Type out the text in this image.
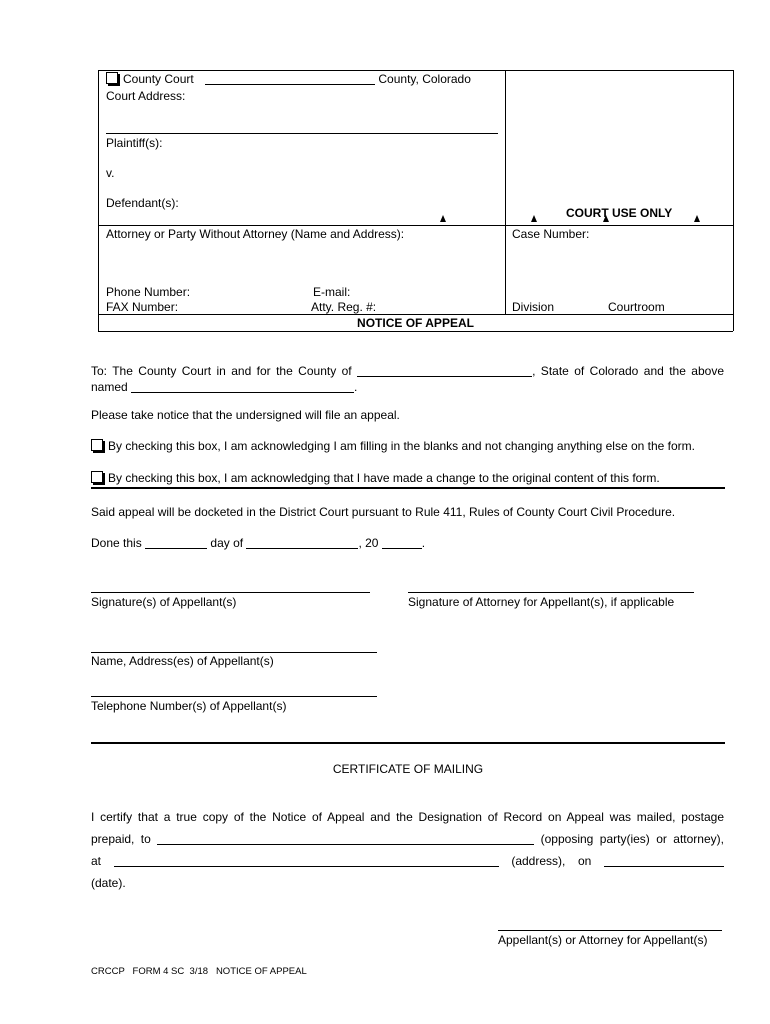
County Court	County, Colorado
Court Address:
Plaintiff(s):
v.
Defendant(s):
COURT USE ONLY
Attorney or Party Without Attorney (Name and Address):	Case Number:
Phone Number:	E-mail:
FAX Number:	Atty. Reg. #:	Division	Courtroom
NOTICE OF APPEAL
To: The County Court in and for the County of	, State of Colorado and the above
named	.
Please take notice that the undersigned will file an appeal.
By checking this box, I am acknowledging I am filling in the blanks and not changing anything else on the form.
By checking this box, I am acknowledging that I have made a change to the original content of this form.
Said appeal will be docketed in the District Court pursuant to Rule 411, Rules of County Court Civil Procedure.
Done this	day of	, 20	.
Signature(s) of Appellant(s)	Signature of Attorney for Appellant(s), if applicable
Name, Address(es) of Appellant(s)
Telephone Number(s) of Appellant(s)
CERTIFICATE OF MAILING
I certify that a true copy of the Notice of Appeal and the Designation of Record on Appeal was mailed, postage
prepaid, to	(opposing party(ies) or attorney),
at	(address), on  (date).
Appellant(s) or Attorney for Appellant(s)
CRCCP   FORM 4 SC  3/18   NOTICE OF APPEAL
